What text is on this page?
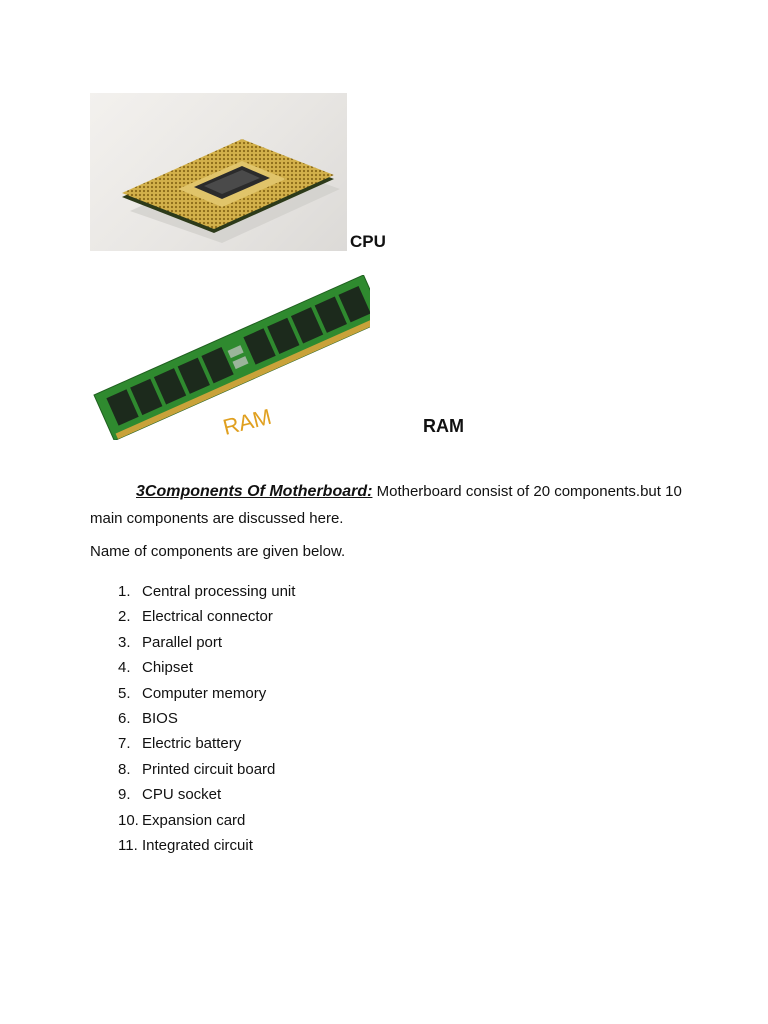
CPU
RAM	RAM
3Components Of Motherboard: Motherboard consist of 20 components.but 10 main components are discussed here.
Name of components are given below.
1. Central processing unit
2. Electrical connector
3. Parallel port
4. Chipset
5. Computer memory
6. BIOS
7. Electric battery
8. Printed circuit board
9. CPU socket
10. Expansion card
11. Integrated circuit
